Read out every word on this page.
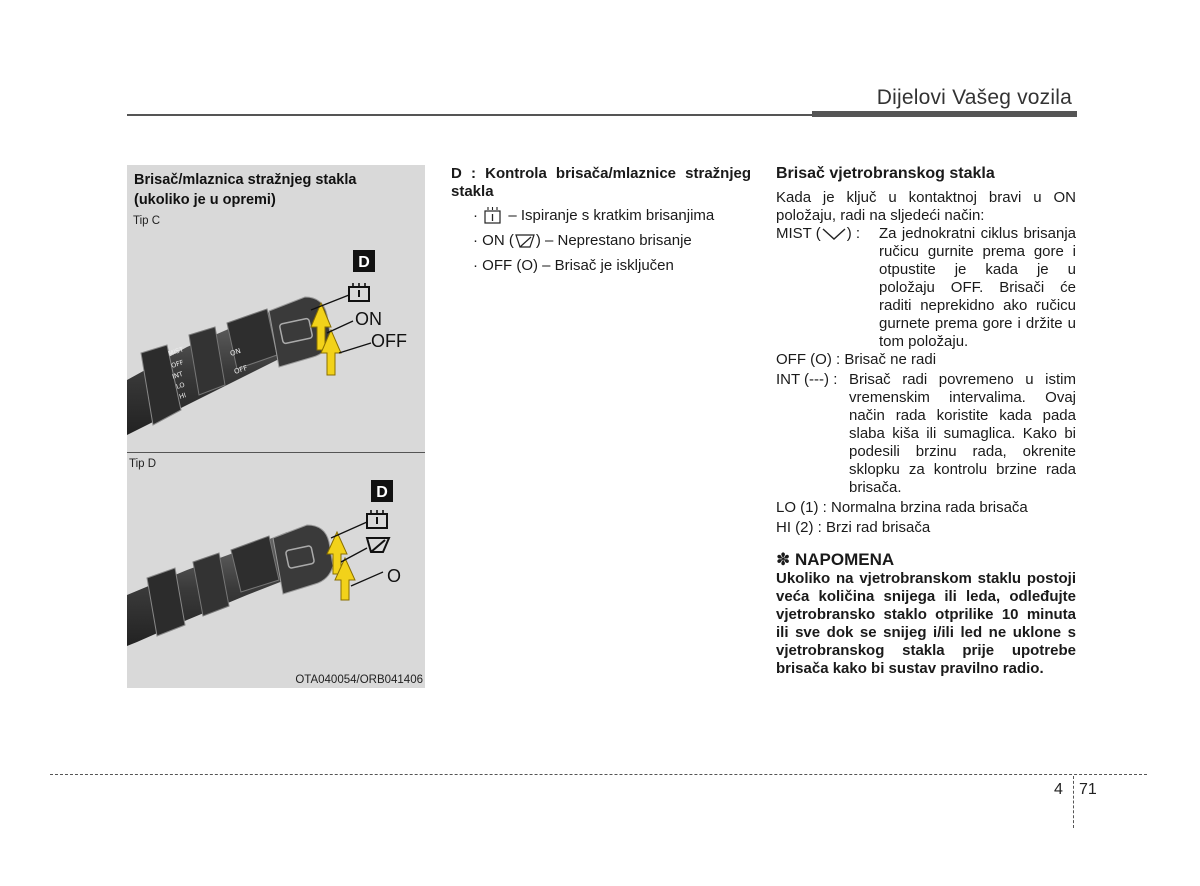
Dijelovi Vašeg vozila
Brisač/mlaznica stražnjeg stakla (ukoliko je u opremi)
Tip C
MIST
OFF
INT
LO
HI
ON
OFF
D
ON
OFF
Tip D
D
O
OTA040054/ORB041406
D : Kontrola brisača/mlaznice stražnjeg stakla
·  – Ispiranje s kratkim brisanjima
· ON ( ) – Neprestano brisanje
· OFF (O) – Brisač je isključen
Brisač vjetrobranskog stakla
Kada je ključ u kontaktnoj bravi u ON položaju, radi na sljedeći način:
MIST ( ) :	Za jednokratni ciklus brisanja ručicu gurnite prema gore i otpustite je kada je u položaju OFF. Brisači će raditi neprekidno ako ručicu gurnete prema gore i držite u tom položaju.
OFF (O) : Brisač ne radi
INT (---) : Brisač radi povremeno u istim vremenskim intervalima. Ovaj način rada koristite kada pada slaba kiša ili sumaglica. Kako bi podesili brzinu rada, okrenite sklopku za kontrolu brzine rada brisača.
LO (1) : Normalna brzina rada brisača
HI (2) : Brzi rad brisača
✽ NAPOMENA
Ukoliko na vjetrobranskom staklu postoji veća količina snijega ili leda, odleđujte vjetrobransko staklo otprilike 10 minuta ili sve dok se snijeg i/ili led ne uklone s vjetrobranskog stakla prije upotrebe brisača kako bi sustav pravilno radio.
4 71
